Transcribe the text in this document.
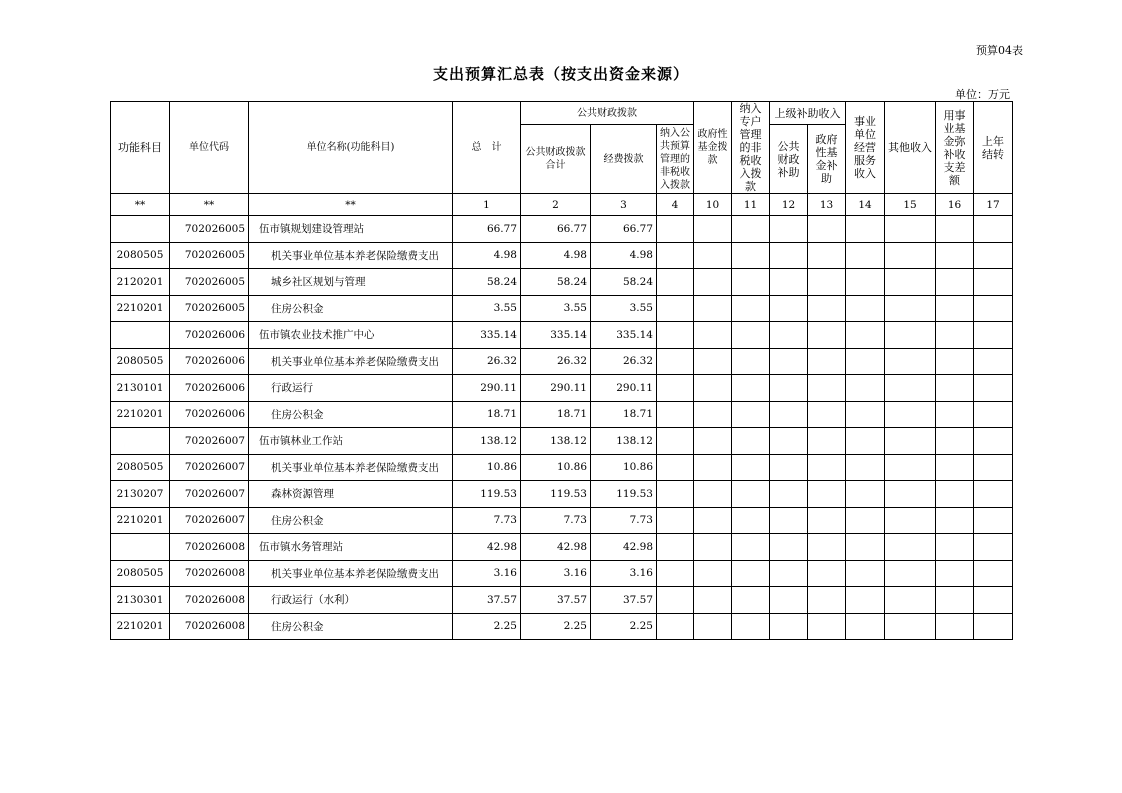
预算04表
支出预算汇总表（按支出资金来源）
单位：万元
功能科目	单位代码	单位名称(功能科目)	总　计	公共财政拨款			政府性基金拨款	纳入专户管理的非税收入拨款	上级补助收入		事业单位经营服务收入	其他收入	用事业基金弥补收支差额	上年结转
				公共财政拨款合计	经费拨款	纳入公共预算管理的非税收入拨款			公共财政补助	政府性基金补助				
**	**	**	1	2	3	4	10	11	12	13	14	15	16	17
	702026005	伍市镇规划建设管理站	66.77	66.77	66.77									
2080505	702026005	机关事业单位基本养老保险缴费支出	4.98	4.98	4.98									
2120201	702026005	城乡社区规划与管理	58.24	58.24	58.24									
2210201	702026005	住房公积金	3.55	3.55	3.55									
	702026006	伍市镇农业技术推广中心	335.14	335.14	335.14									
2080505	702026006	机关事业单位基本养老保险缴费支出	26.32	26.32	26.32									
2130101	702026006	行政运行	290.11	290.11	290.11									
2210201	702026006	住房公积金	18.71	18.71	18.71									
	702026007	伍市镇林业工作站	138.12	138.12	138.12									
2080505	702026007	机关事业单位基本养老保险缴费支出	10.86	10.86	10.86									
2130207	702026007	森林资源管理	119.53	119.53	119.53									
2210201	702026007	住房公积金	7.73	7.73	7.73									
	702026008	伍市镇水务管理站	42.98	42.98	42.98									
2080505	702026008	机关事业单位基本养老保险缴费支出	3.16	3.16	3.16									
2130301	702026008	行政运行（水利）	37.57	37.57	37.57									
2210201	702026008	住房公积金	2.25	2.25	2.25									
